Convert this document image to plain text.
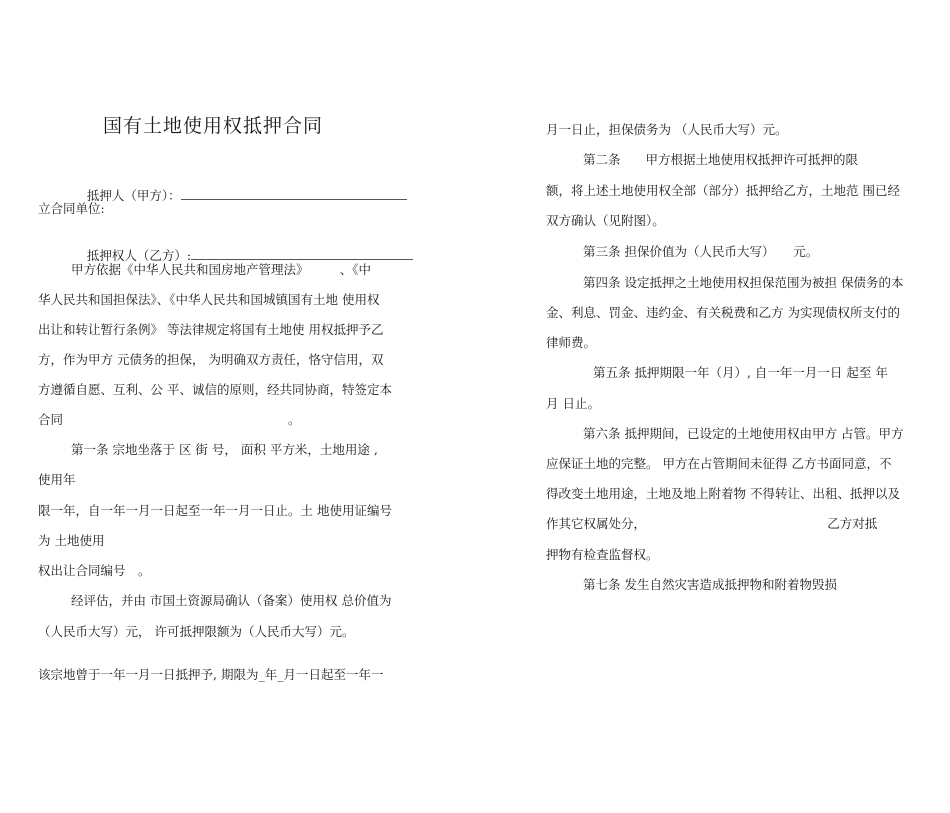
国有土地使用权抵押合同

抵押人（甲方）：

立合同单位:

抵押权人（乙方）:

甲方依据《中华人民共和国房地产管理法》　　　、《中
华人民共和国担保法》、《中华人民共和国城镇国有土地 使用权
出让和转让暂行条例》 等法律规定将国有土地使 用权抵押予乙
方，作为甲方 元债务的担保， 为明确双方责任，恪守信用，双
方遵循自愿、互利、公 平、诚信的原则，经共同协商，特签定本
合同　　　　　　　　　　　　　　　　　　。
第一条 宗地坐落于 区 街 号， 面积 平方米，土地用途 ,
使用年
限一年，自一年一月一日起至一年一月一日止。土 地使用证编号
为 土地使用
权出让合同编号　。
经评估，并由 市国土资源局确认（备案）使用权 总价值为
（人民币大写）元， 许可抵押限额为（人民币大写）元。
该宗地曾于一年一月一日抵押予, 期限为_年_月一日起至一年一
月一日止，担保债务为 （人民币大写）元。
第二条　　甲方根据土地使用权抵押许可抵押的限
额，将上述土地使用权全部（部分）抵押给乙方，土地范 围已经
双方确认（见附图）。
第三条 担保价值为（人民币大写）　　元。
第四条 设定抵押之土地使用权担保范围为被担 保债务的本
金、利息、罚金、违约金、有关税费和乙方 为实现债权所支付的
律师费。
第五条 抵押期限一年（月）, 自一年一月一日 起至 年
月 日止。
第六条 抵押期间，已设定的土地使用权由甲方 占管。甲方
应保证土地的完整。 甲方在占管期间未征得 乙方书面同意，不
得改变土地用途，土地及地上附着物 不得转让、出租、抵押以及
作其它权属处分，　　　　　　　　　　　　　　　乙方对抵
押物有检查监督权。
第七条 发生自然灾害造成抵押物和附着物毁损
